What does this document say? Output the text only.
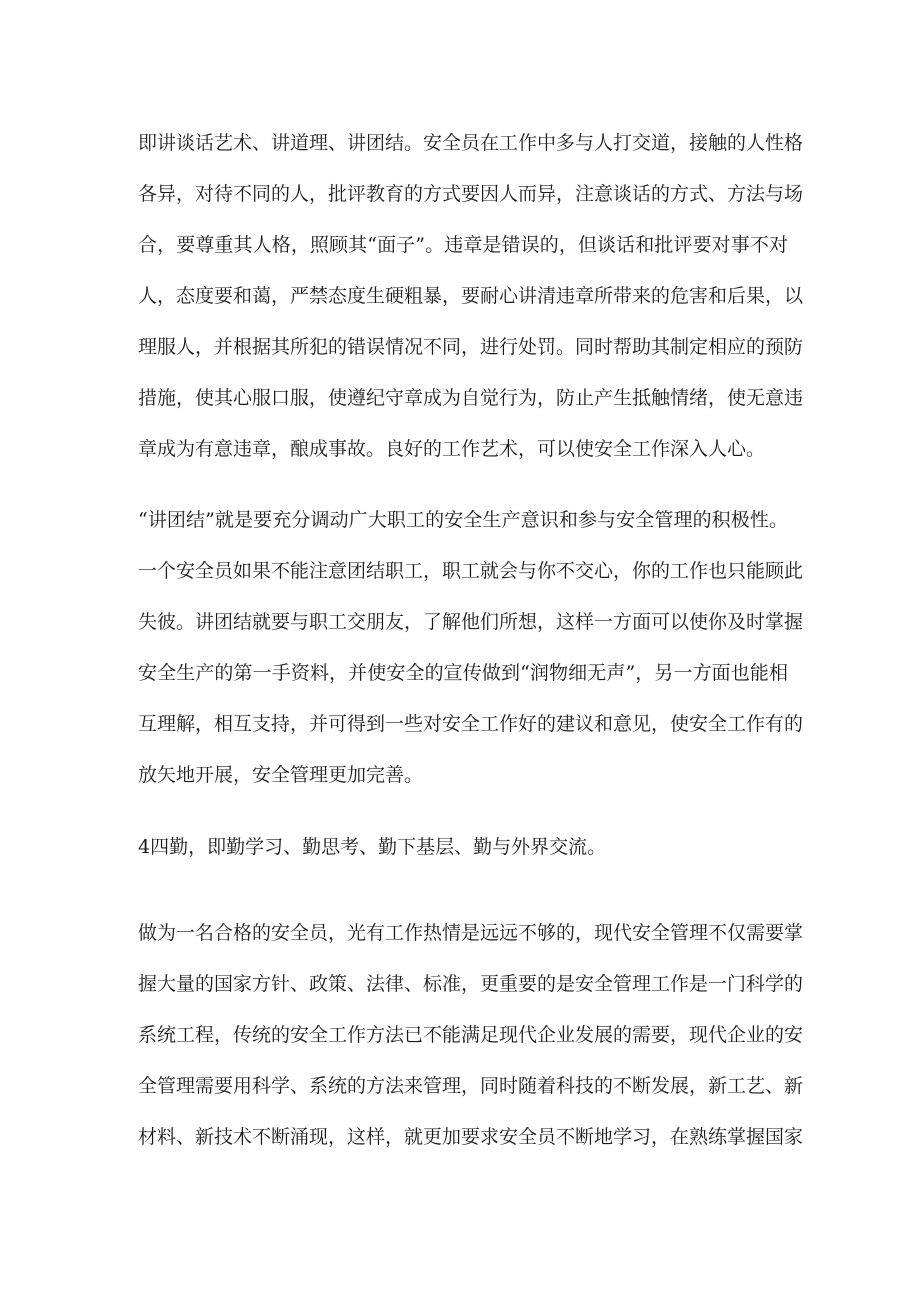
即讲谈话艺术、讲道理、讲团结。安全员在工作中多与人打交道，接触的人性格
各异，对待不同的人，批评教育的方式要因人而异，注意谈话的方式、方法与场
合，要尊重其人格，照顾其“面子”。违章是错误的，但谈话和批评要对事不对
人，态度要和蔼，严禁态度生硬粗暴，要耐心讲清违章所带来的危害和后果，以
理服人，并根据其所犯的错误情况不同，进行处罚。同时帮助其制定相应的预防
措施，使其心服口服，使遵纪守章成为自觉行为，防止产生抵触情绪，使无意违
章成为有意违章，酿成事故。良好的工作艺术，可以使安全工作深入人心。
“讲团结”就是要充分调动广大职工的安全生产意识和参与安全管理的积极性。
一个安全员如果不能注意团结职工，职工就会与你不交心，你的工作也只能顾此
失彼。讲团结就要与职工交朋友，了解他们所想，这样一方面可以使你及时掌握
安全生产的第一手资料，并使安全的宣传做到“润物细无声”，另一方面也能相
互理解，相互支持，并可得到一些对安全工作好的建议和意见，使安全工作有的
放矢地开展，安全管理更加完善。
4四勤，即勤学习、勤思考、勤下基层、勤与外界交流。
做为一名合格的安全员，光有工作热情是远远不够的，现代安全管理不仅需要掌
握大量的国家方针、政策、法律、标准，更重要的是安全管理工作是一门科学的
系统工程，传统的安全工作方法已不能满足现代企业发展的需要，现代企业的安
全管理需要用科学、系统的方法来管理，同时随着科技的不断发展，新工艺、新
材料、新技术不断涌现，这样，就更加要求安全员不断地学习，在熟练掌握国家
